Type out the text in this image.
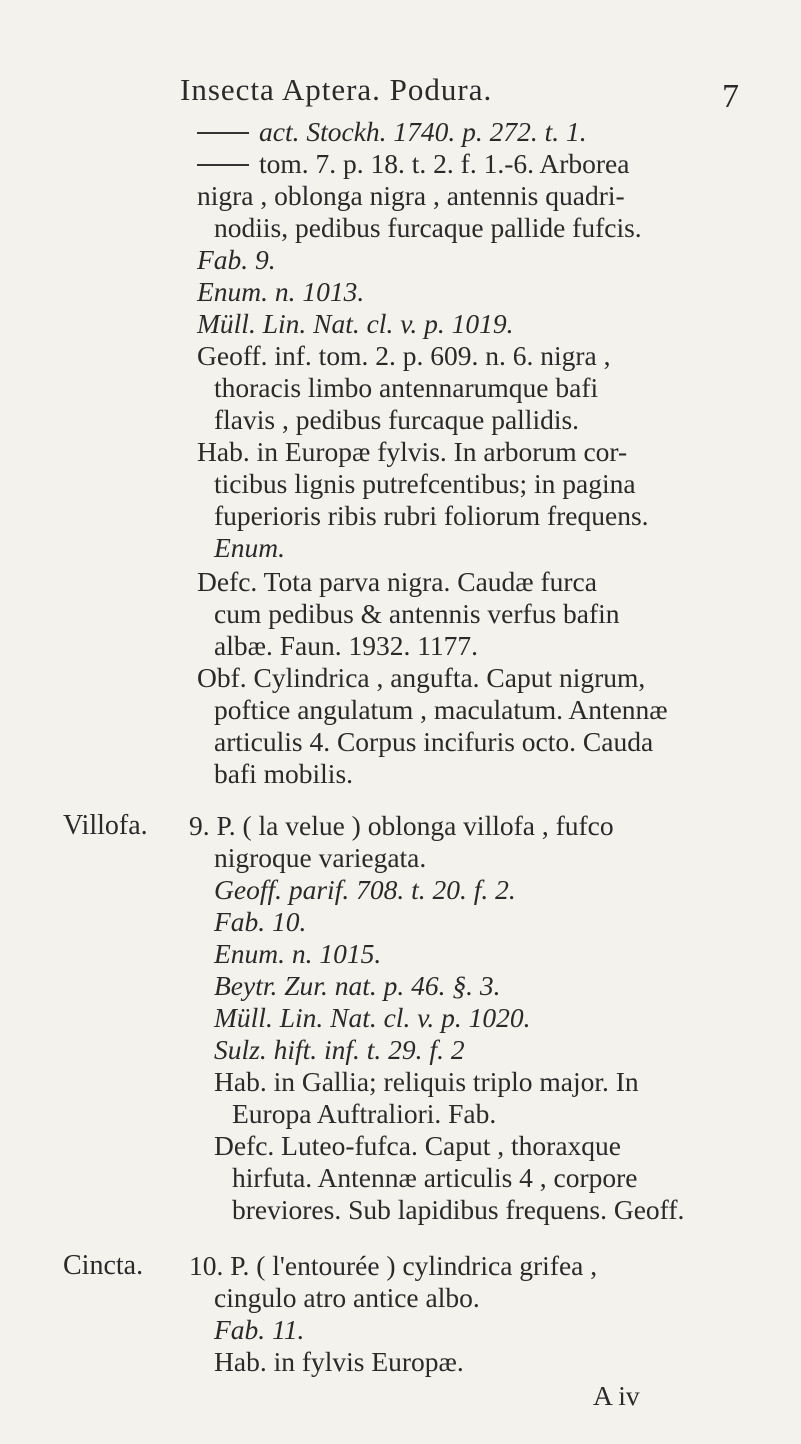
Insecta Aptera. Podura.	7
act. Stockh. 1740. p. 272. t. 1.
tom. 7. p. 18. t. 2. f. 1.-6. Arborea
nigra , oblonga nigra , antennis quadri-
nodiis, pedibus furcaque pallide fufcis.
Fab. 9.
Enum. n. 1013.
Müll. Lin. Nat. cl. v. p. 1019.
Geoff. inf. tom. 2. p. 609. n. 6. nigra ,
thoracis limbo antennarumque bafi
flavis , pedibus furcaque pallidis.
Hab. in Europæ fylvis. In arborum cor-
ticibus lignis putrefcentibus; in pagina
fuperioris ribis rubri foliorum frequens.
Enum.
Defc. Tota parva nigra. Caudæ furca
cum pedibus & antennis verfus bafin
albæ. Faun. 1932. 1177.
Obf. Cylindrica , angufta. Caput nigrum,
poftice angulatum , maculatum. Antennæ
articulis 4. Corpus incifuris octo. Cauda
bafi mobilis.
Villofa. 9. P. ( la velue ) oblonga villofa , fufco
nigroque variegata.
Geoff. parif. 708. t. 20. f. 2.
Fab. 10.
Enum. n. 1015.
Beytr. Zur. nat. p. 46. §. 3.
Müll. Lin. Nat. cl. v. p. 1020.
Sulz. hift. inf. t. 29. f. 2
Hab. in Gallia; reliquis triplo major. In
Europa Auftraliori. Fab.
Defc. Luteo-fufca. Caput , thoraxque
hirfuta. Antennæ articulis 4 , corpore
breviores. Sub lapidibus frequens. Geoff.
Cincta. 10. P. ( l'entourée ) cylindrica grifea ,
cingulo atro antice albo.
Fab. 11.
Hab. in fylvis Europæ.
A iv
